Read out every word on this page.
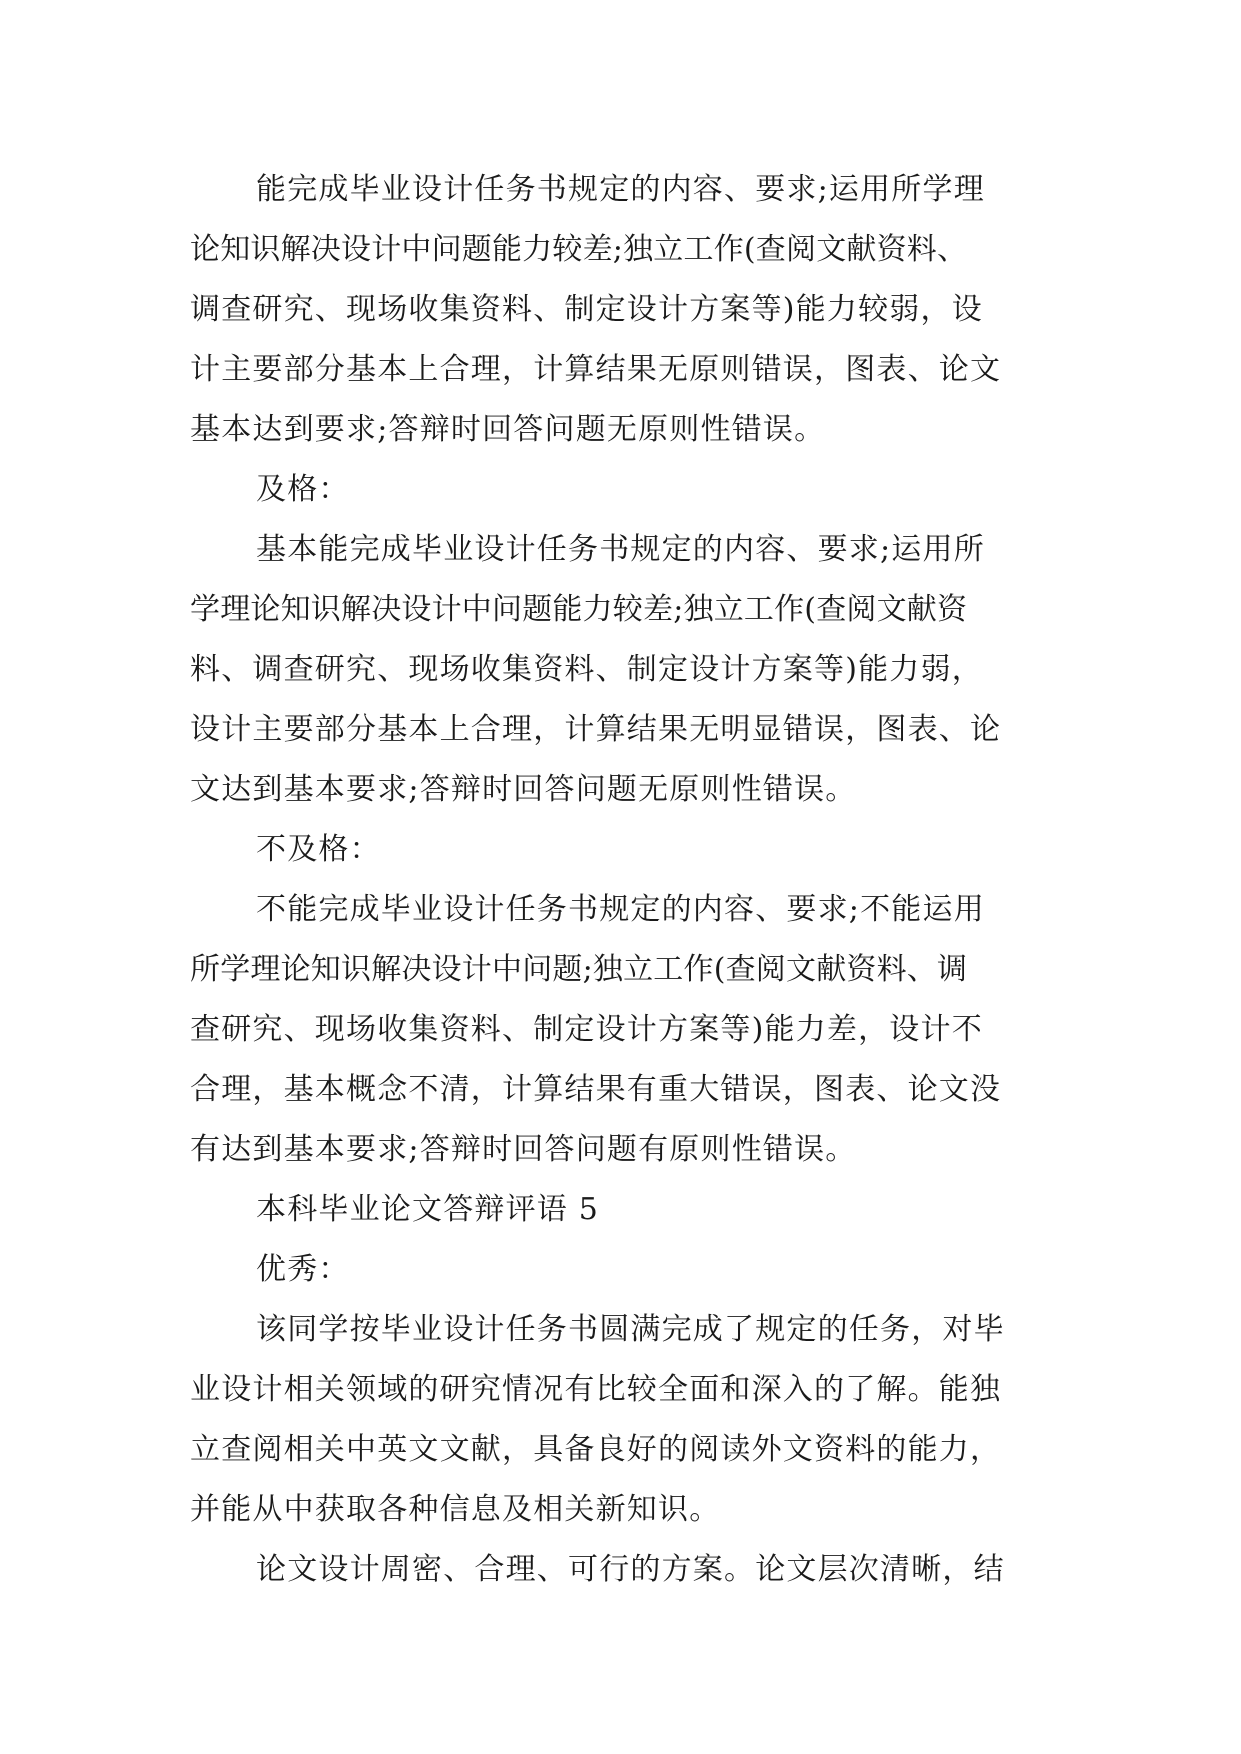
能完成毕业设计任务书规定的内容、要求;运用所学理
论知识解决设计中问题能力较差;独立工作(查阅文献资料、
调查研究、现场收集资料、制定设计方案等)能力较弱，设
计主要部分基本上合理，计算结果无原则错误，图表、论文
基本达到要求;答辩时回答问题无原则性错误。
及格：
基本能完成毕业设计任务书规定的内容、要求;运用所
学理论知识解决设计中问题能力较差;独立工作(查阅文献资
料、调查研究、现场收集资料、制定设计方案等)能力弱，
设计主要部分基本上合理，计算结果无明显错误，图表、论
文达到基本要求;答辩时回答问题无原则性错误。
不及格：
不能完成毕业设计任务书规定的内容、要求;不能运用
所学理论知识解决设计中问题;独立工作(查阅文献资料、调
查研究、现场收集资料、制定设计方案等)能力差，设计不
合理，基本概念不清，计算结果有重大错误，图表、论文没
有达到基本要求;答辩时回答问题有原则性错误。
本科毕业论文答辩评语 5
优秀：
该同学按毕业设计任务书圆满完成了规定的任务，对毕
业设计相关领域的研究情况有比较全面和深入的了解。能独
立查阅相关中英文文献，具备良好的阅读外文资料的能力，
并能从中获取各种信息及相关新知识。
论文设计周密、合理、可行的方案。论文层次清晰，结
